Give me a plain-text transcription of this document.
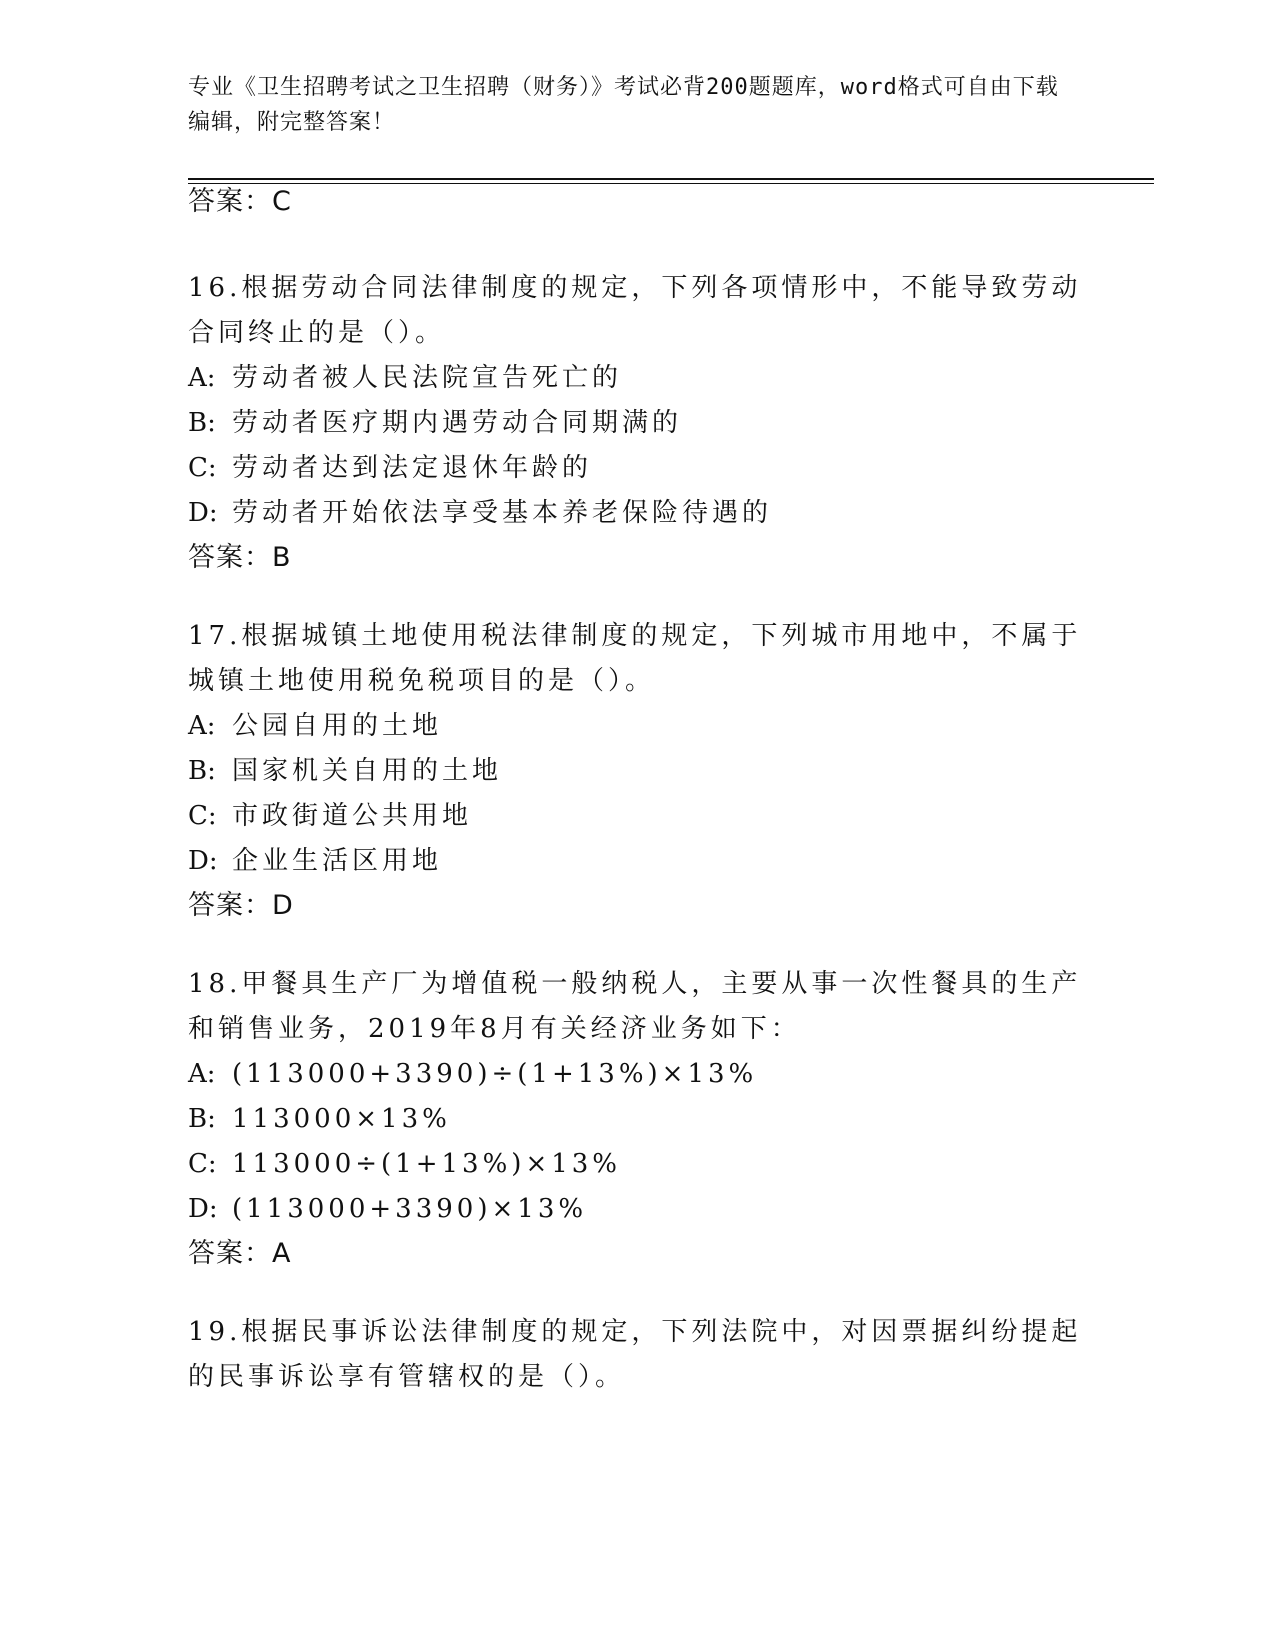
专业《卫生招聘考试之卫生招聘（财务）》考试必背200题题库，word格式可自由下载编辑，附完整答案！

答案：C

16.根据劳动合同法律制度的规定，下列各项情形中，不能导致劳动合同终止的是（）。

A: 劳动者被人民法院宣告死亡的

B: 劳动者医疗期内遇劳动合同期满的

C: 劳动者达到法定退休年龄的

D: 劳动者开始依法享受基本养老保险待遇的

答案：B

17.根据城镇土地使用税法律制度的规定，下列城市用地中，不属于城镇土地使用税免税项目的是（）。

A: 公园自用的土地

B: 国家机关自用的土地

C: 市政街道公共用地

D: 企业生活区用地

答案：D

18.甲餐具生产厂为增值税一般纳税人，主要从事一次性餐具的生产和销售业务，2019年8月有关经济业务如下：

A: (113000+3390)÷(1+13%)×13%

B: 113000×13%

C: 113000÷(1+13%)×13%

D: (113000+3390)×13%

答案：A

19.根据民事诉讼法律制度的规定，下列法院中，对因票据纠纷提起的民事诉讼享有管辖权的是（）。
